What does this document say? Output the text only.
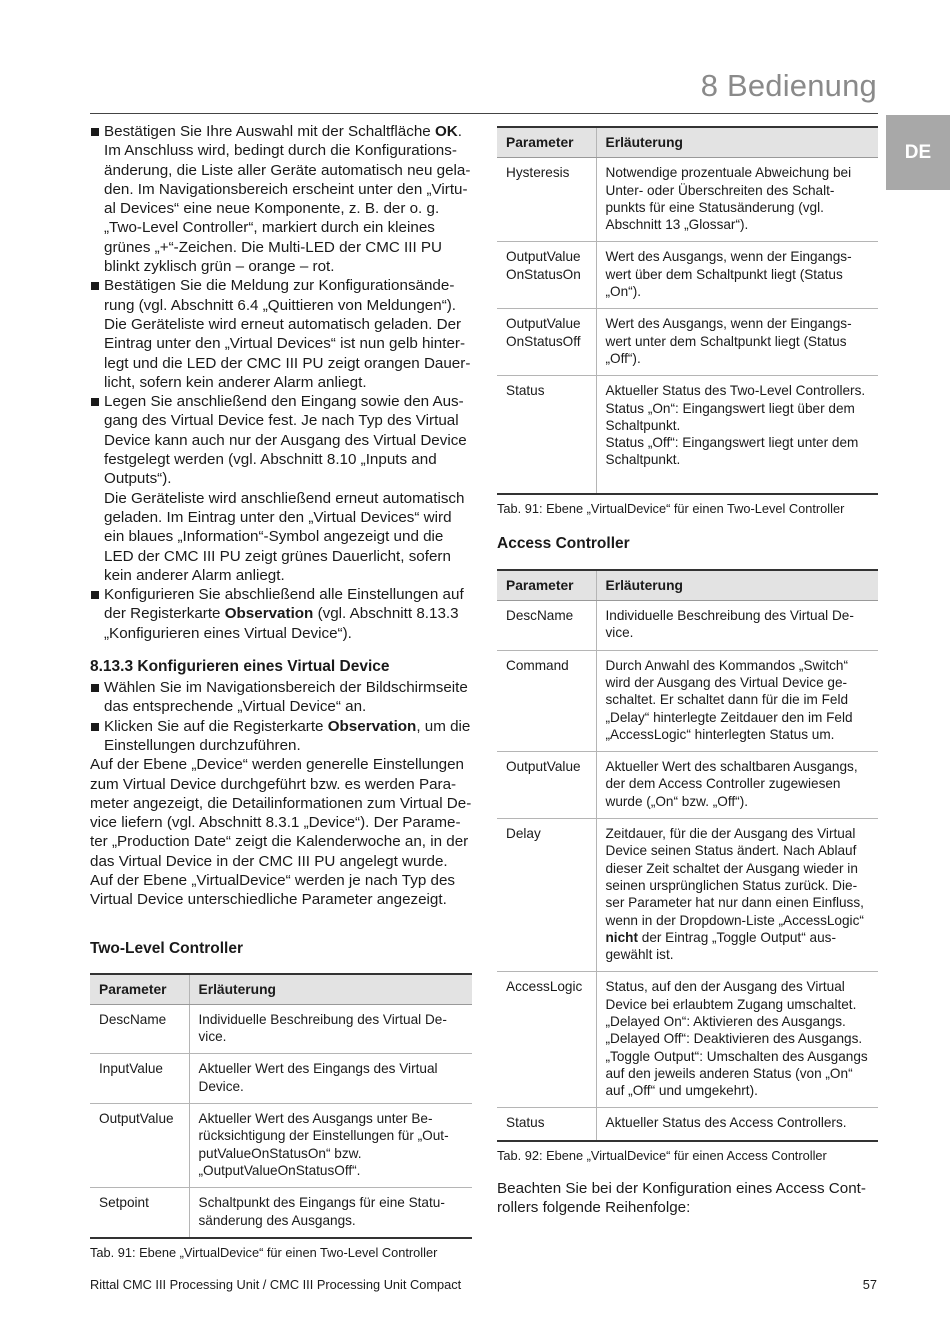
8 Bedienung
DE
Bestätigen Sie Ihre Auswahl mit der Schaltfläche OK.
Im Anschluss wird, bedingt durch die Konfigurationsänderung, die Liste aller Geräte automatisch neu geladen. Im Navigationsbereich erscheint unter den „Virtual Devices“ eine neue Komponente, z. B. der o. g. „Two-Level Controller“, markiert durch ein kleines grünes „+“-Zeichen. Die Multi-LED der CMC III PU blinkt zyklisch grün – orange – rot.
Bestätigen Sie die Meldung zur Konfigurationsänderung (vgl. Abschnitt 6.4 „Quittieren von Meldungen“).
Die Geräteliste wird erneut automatisch geladen. Der Eintrag unter den „Virtual Devices“ ist nun gelb hinterlegt und die LED der CMC III PU zeigt orangen Dauerlicht, sofern kein anderer Alarm anliegt.
Legen Sie anschließend den Eingang sowie den Ausgang des Virtual Device fest. Je nach Typ des Virtual Device kann auch nur der Ausgang des Virtual Device festgelegt werden (vgl. Abschnitt 8.10 „Inputs and Outputs“).
Die Geräteliste wird anschließend erneut automatisch geladen. Im Eintrag unter den „Virtual Devices“ wird ein blaues „Information“-Symbol angezeigt und die LED der CMC III PU zeigt grünes Dauerlicht, sofern kein anderer Alarm anliegt.
Konfigurieren Sie abschließend alle Einstellungen auf der Registerkarte Observation (vgl. Abschnitt 8.13.3 „Konfigurieren eines Virtual Device“).
8.13.3 Konfigurieren eines Virtual Device
Wählen Sie im Navigationsbereich der Bildschirmseite das entsprechende „Virtual Device“ an.
Klicken Sie auf die Registerkarte Observation, um die Einstellungen durchzuführen.

Auf der Ebene „Device“ werden generelle Einstellungen zum Virtual Device durchgeführt bzw. es werden Parameter angezeigt, die Detailinformationen zum Virtual Device liefern (vgl. Abschnitt 8.3.1 „Device“). Der Parameter „Production Date“ zeigt die Kalenderwoche an, in der das Virtual Device in der CMC III PU angelegt wurde.

Auf der Ebene „VirtualDevice“ werden je nach Typ des Virtual Device unterschiedliche Parameter angezeigt.

Two-Level Controller
Parameter	Erläuterung
DescName	Individuelle Beschreibung des Virtual Device.
InputValue	Aktueller Wert des Eingangs des Virtual Device.
OutputValue	Aktueller Wert des Ausgangs unter Berücksichtigung der Einstellungen für „OutputValueOnStatusOn“ bzw. „OutputValueOnStatusOff“.
Setpoint	Schaltpunkt des Eingangs für eine Statusänderung des Ausgangs.
Tab. 91: Ebene „VirtualDevice“ für einen Two-Level Controller
Parameter	Erläuterung
Hysteresis	Notwendige prozentuale Abweichung bei Unter- oder Überschreiten des Schaltpunkts für eine Statusänderung (vgl. Abschnitt 13 „Glossar“).
OutputValue
OnStatusOn	Wert des Ausgangs, wenn der Eingangswert über dem Schaltpunkt liegt (Status „On“).
OutputValue
OnStatusOff	Wert des Ausgangs, wenn der Eingangswert unter dem Schaltpunkt liegt (Status „Off“).
Status	Aktueller Status des Two-Level Controllers.
Status „On“: Eingangswert liegt über dem Schaltpunkt.
Status „Off“: Eingangswert liegt unter dem Schaltpunkt.
Tab. 91: Ebene „VirtualDevice“ für einen Two-Level Controller
Access Controller
Parameter	Erläuterung
DescName	Individuelle Beschreibung des Virtual Device.
Command	Durch Anwahl des Kommandos „Switch“ wird der Ausgang des Virtual Device geschaltet. Er schaltet dann für die im Feld „Delay“ hinterlegte Zeitdauer den im Feld „AccessLogic“ hinterlegten Status um.
OutputValue	Aktueller Wert des schaltbaren Ausgangs, der dem Access Controller zugewiesen wurde („On“ bzw. „Off“).
Delay	Zeitdauer, für die der Ausgang des Virtual Device seinen Status ändert. Nach Ablauf dieser Zeit schaltet der Ausgang wieder in seinen ursprünglichen Status zurück. Dieser Parameter hat nur dann einen Einfluss, wenn in der Dropdown-Liste „AccessLogic“ nicht der Eintrag „Toggle Output“ ausgewählt ist.
AccessLogic	Status, auf den der Ausgang des Virtual Device bei erlaubtem Zugang umschaltet.
„Delayed On“: Aktivieren des Ausgangs.
„Delayed Off“: Deaktivieren des Ausgangs.
„Toggle Output“: Umschalten des Ausgangs auf den jeweils anderen Status (von „On“ auf „Off“ und umgekehrt).
Status	Aktueller Status des Access Controllers.
Tab. 92: Ebene „VirtualDevice“ für einen Access Controller

Beachten Sie bei der Konfiguration eines Access Controllers folgende Reihenfolge:

Rittal CMC III Processing Unit / CMC III Processing Unit Compact	57
